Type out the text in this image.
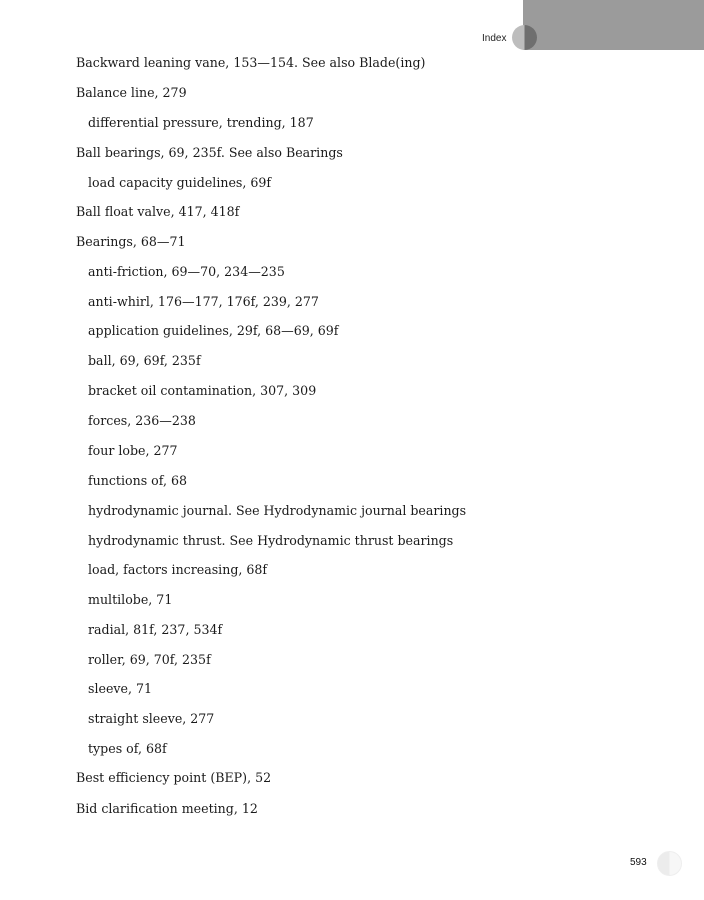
Index
Backward leaning vane, 153—154. See also Blade(ing)
Balance line, 279
differential pressure, trending, 187
Ball bearings, 69, 235f. See also Bearings
load capacity guidelines, 69f
Ball float valve, 417, 418f
Bearings, 68—71
anti-friction, 69—70, 234—235
anti-whirl, 176—177, 176f, 239, 277
application guidelines, 29f, 68—69, 69f
ball, 69, 69f, 235f
bracket oil contamination, 307, 309
forces, 236—238
four lobe, 277
functions of, 68
hydrodynamic journal. See Hydrodynamic journal bearings
hydrodynamic thrust. See Hydrodynamic thrust bearings
load, factors increasing, 68f
multilobe, 71
radial, 81f, 237, 534f
roller, 69, 70f, 235f
sleeve, 71
straight sleeve, 277
types of, 68f
Best efficiency point (BEP), 52
Bid clarification meeting, 12
593
